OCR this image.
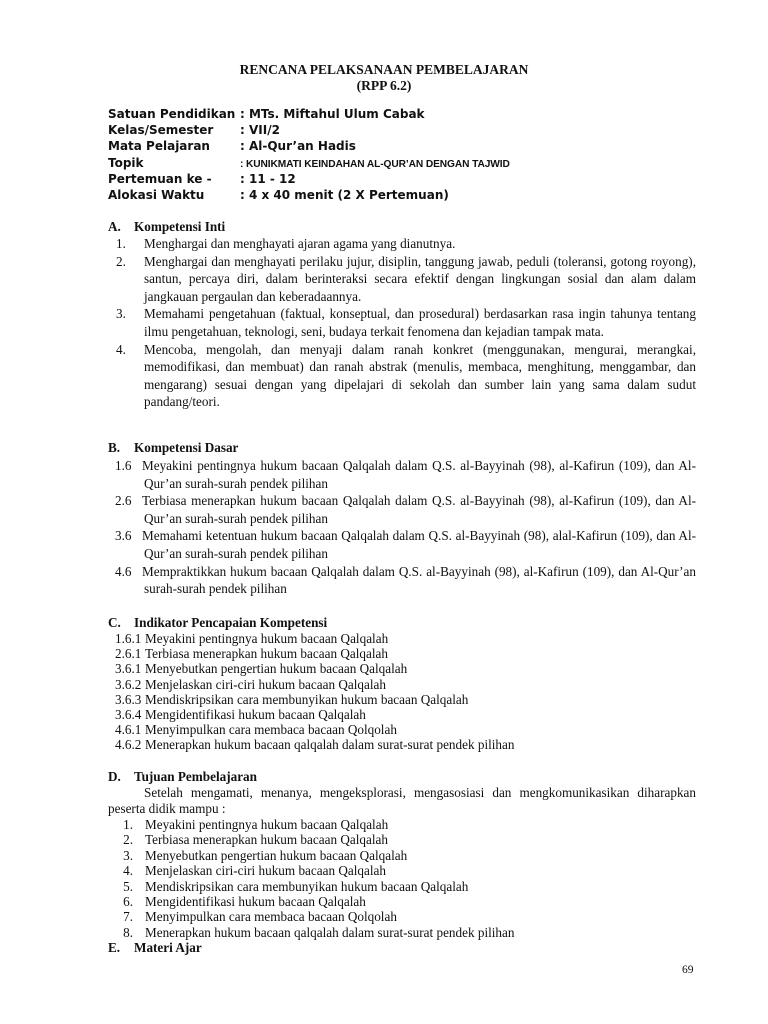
RENCANA PELAKSANAAN PEMBELAJARAN
(RPP 6.2)
Satuan Pendidikan : MTs. Miftahul Ulum Cabak
Kelas/Semester : VII/2
Mata Pelajaran	: Al-Qur’an Hadis
Topik	: KUNIKMATI KEINDAHAN AL-QUR’AN DENGAN TAJWID
Pertemuan ke - : 11 - 12
Alokasi Waktu	: 4 x 40 menit (2 X Pertemuan)
A. Kompetensi Inti
1. Menghargai dan menghayati ajaran agama yang dianutnya.
2. Menghargai dan menghayati perilaku jujur, disiplin, tanggung jawab, peduli (toleransi, gotong royong), santun, percaya diri, dalam berinteraksi secara efektif dengan lingkungan sosial dan alam dalam jangkauan pergaulan dan keberadaannya.
3. Memahami pengetahuan (faktual, konseptual, dan prosedural) berdasarkan rasa ingin tahunya tentang ilmu pengetahuan, teknologi, seni, budaya terkait fenomena dan kejadian tampak mata.
4. Mencoba, mengolah, dan menyaji dalam ranah konkret (menggunakan, mengurai, merangkai, memodifikasi, dan membuat) dan ranah abstrak (menulis, membaca, menghitung, menggambar, dan mengarang) sesuai dengan yang dipelajari di sekolah dan sumber lain yang sama dalam sudut pandang/teori.
B. Kompetensi Dasar
1.6 Meyakini pentingnya hukum bacaan Qalqalah dalam Q.S. al-Bayyinah (98), al-Kafirun (109), dan Al-Qur’an surah-surah pendek pilihan
2.6 Terbiasa menerapkan hukum bacaan Qalqalah dalam Q.S. al-Bayyinah (98), al-Kafirun (109), dan Al-Qur’an surah-surah pendek pilihan
3.6 Memahami ketentuan hukum bacaan Qalqalah dalam Q.S. al-Bayyinah (98), alal-Kafirun (109), dan Al-Qur’an surah-surah pendek pilihan
4.6 Mempraktikkan hukum bacaan Qalqalah dalam Q.S. al-Bayyinah (98), al-Kafirun (109), dan Al-Qur’an surah-surah pendek pilihan
C. Indikator Pencapaian Kompetensi
1.6.1 Meyakini pentingnya hukum bacaan Qalqalah
2.6.1 Terbiasa menerapkan hukum bacaan Qalqalah
3.6.1 Menyebutkan pengertian hukum bacaan Qalqalah
3.6.2 Menjelaskan ciri-ciri hukum bacaan Qalqalah
3.6.3 Mendiskripsikan cara membunyikan hukum bacaan Qalqalah
3.6.4 Mengidentifikasi hukum bacaan Qalqalah
4.6.1 Menyimpulkan cara membaca bacaan Qolqolah
4.6.2 Menerapkan hukum bacaan qalqalah dalam surat-surat pendek pilihan
D. Tujuan Pembelajaran
Setelah mengamati, menanya, mengeksplorasi, mengasosiasi dan mengkomunikasikan diharapkan peserta didik mampu :
1. Meyakini pentingnya hukum bacaan Qalqalah
2. Terbiasa menerapkan hukum bacaan Qalqalah
3. Menyebutkan pengertian hukum bacaan Qalqalah
4. Menjelaskan ciri-ciri hukum bacaan Qalqalah
5. Mendiskripsikan cara membunyikan hukum bacaan Qalqalah
6. Mengidentifikasi hukum bacaan Qalqalah
7. Menyimpulkan cara membaca bacaan Qolqolah
8. Menerapkan hukum bacaan qalqalah dalam surat-surat pendek pilihan
E. Materi Ajar
69
